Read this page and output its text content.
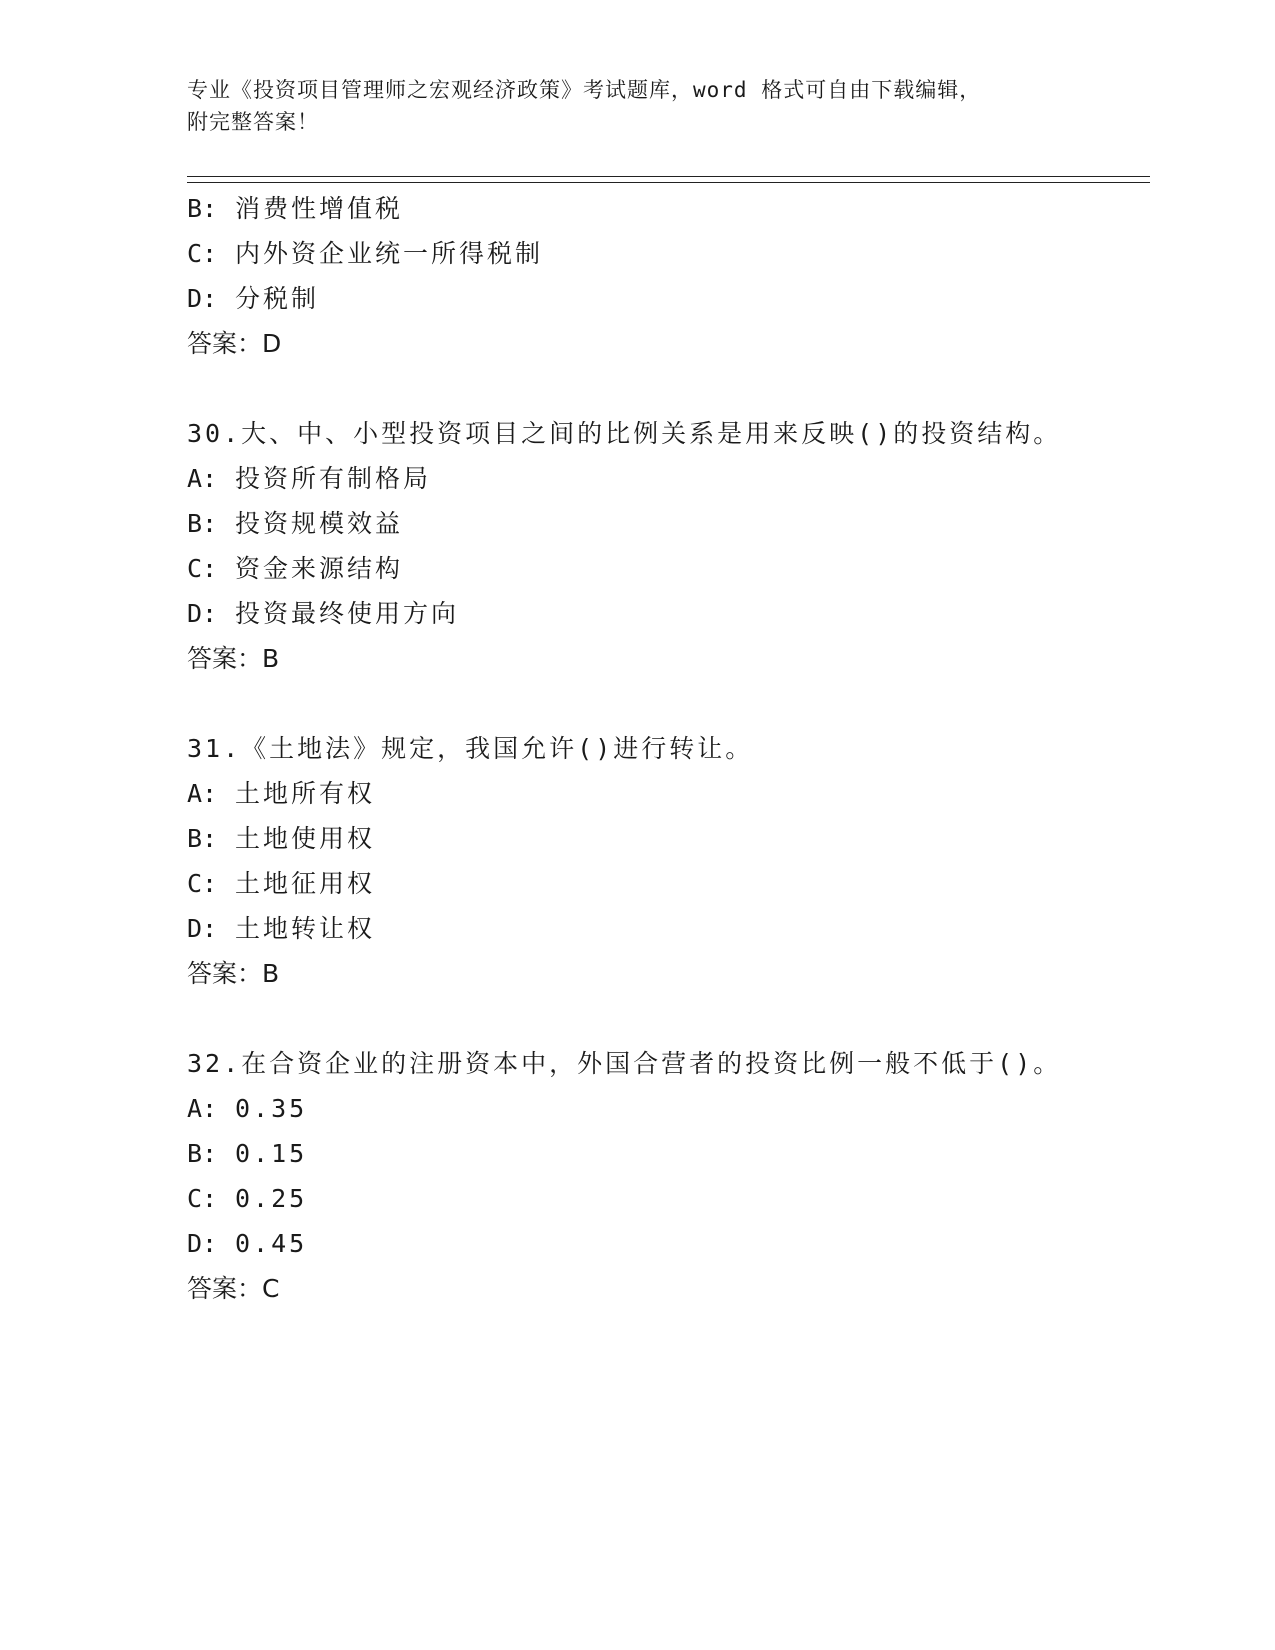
专业《投资项目管理师之宏观经济政策》考试题库，word 格式可自由下载编辑，
附完整答案！
B: 消费性增值税
C: 内外资企业统一所得税制
D: 分税制
答案：D
30.大、中、小型投资项目之间的比例关系是用来反映()的投资结构。
A: 投资所有制格局
B: 投资规模效益
C: 资金来源结构
D: 投资最终使用方向
答案：B
31.《土地法》规定，我国允许()进行转让。
A: 土地所有权
B: 土地使用权
C: 土地征用权
D: 土地转让权
答案：B
32.在合资企业的注册资本中，外国合营者的投资比例一般不低于()。
A: 0.35
B: 0.15
C: 0.25
D: 0.45
答案：C
